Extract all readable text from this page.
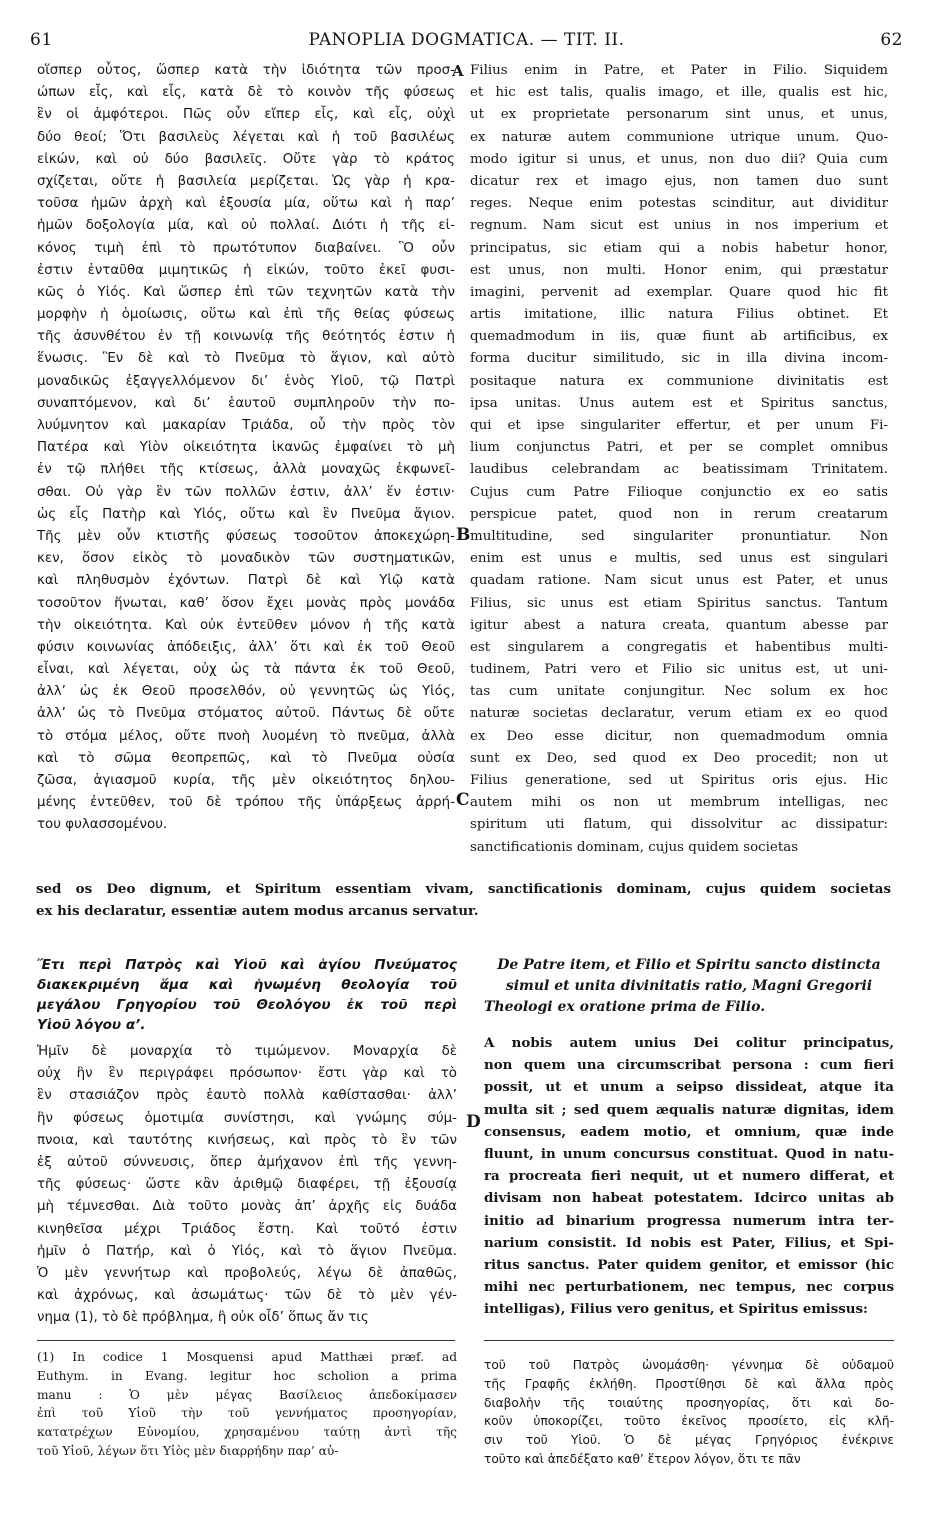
61	PANOPLIA DOGMATICA. — TIT. II.	62
A
B
C
D
οἵσπερ οὗτος, ὥσπερ κατὰ τὴν ἰδιότητα τῶν προσ-
ώπων εἷς, καὶ εἷς, κατὰ δὲ τὸ κοινὸν τῆς φύσεως
ἓν οἱ ἀμφότεροι. Πῶς οὖν εἴπερ εἷς, καὶ εἷς, οὐχὶ
δύο θεοί; Ὅτι βασιλεὺς λέγεται καὶ ἡ τοῦ βασιλέως
εἰκών, καὶ οὐ δύο βασιλεῖς. Οὔτε γὰρ τὸ κράτος
σχίζεται, οὔτε ἡ βασιλεία μερίζεται. Ὡς γὰρ ἡ κρα-
τοῦσα ἡμῶν ἀρχὴ καὶ ἐξουσία μία, οὕτω καὶ ἡ παρ’
ἡμῶν δοξολογία μία, καὶ οὐ πολλαί. Διότι ἡ τῆς εἰ-
κόνος τιμὴ ἐπὶ τὸ πρωτότυπον διαβαίνει. Ὃ οὖν
ἐστιν ἐνταῦθα μιμητικῶς ἡ εἰκών, τοῦτο ἐκεῖ φυσι-
κῶς ὁ Υἱός. Καὶ ὥσπερ ἐπὶ τῶν τεχνητῶν κατὰ τὴν
μορφὴν ἡ ὁμοίωσις, οὕτω καὶ ἐπὶ τῆς θείας φύσεως
τῆς ἀσυνθέτου ἐν τῇ κοινωνίᾳ τῆς θεότητός ἐστιν ἡ
ἕνωσις. Ἓν δὲ καὶ τὸ Πνεῦμα τὸ ἅγιον, καὶ αὐτὸ
μοναδικῶς ἐξαγγελλόμενον δι’ ἑνὸς Υἱοῦ, τῷ Πατρὶ
συναπτόμενον, καὶ δι’ ἑαυτοῦ συμπληροῦν τὴν πο-
λυύμνητον καὶ μακαρίαν Τριάδα, οὗ τὴν πρὸς τὸν
Πατέρα καὶ Υἱὸν οἰκειότητα ἱκανῶς ἐμφαίνει τὸ μὴ
ἐν τῷ πλήθει τῆς κτίσεως, ἀλλὰ μοναχῶς ἐκφωνεῖ-
σθαι. Οὐ γὰρ ἓν τῶν πολλῶν ἐστιν, ἀλλ’ ἕν ἐστιν·
ὡς εἷς Πατὴρ καὶ Υἱός, οὕτω καὶ ἓν Πνεῦμα ἅγιον.
Τῆς μὲν οὖν κτιστῆς φύσεως τοσοῦτον ἀποκεχώρη-
κεν, ὅσον εἰκὸς τὸ μοναδικὸν τῶν συστηματικῶν,
καὶ πληθυσμὸν ἐχόντων. Πατρὶ δὲ καὶ Υἱῷ κατὰ
τοσοῦτον ἥνωται, καθ’ ὅσον ἔχει μονὰς πρὸς μονάδα
τὴν οἰκειότητα. Καὶ οὐκ ἐντεῦθεν μόνον ἡ τῆς κατὰ
φύσιν κοινωνίας ἀπόδειξις, ἀλλ’ ὅτι καὶ ἐκ τοῦ Θεοῦ
εἶναι, καὶ λέγεται, οὐχ ὡς τὰ πάντα ἐκ τοῦ Θεοῦ,
ἀλλ’ ὡς ἐκ Θεοῦ προσελθόν, οὐ γεννητῶς ὡς Υἱός,
ἀλλ’ ὡς τὸ Πνεῦμα στόματος αὐτοῦ. Πάντως δὲ οὔτε
τὸ στόμα μέλος, οὔτε πνοὴ λυομένη τὸ πνεῦμα, ἀλλὰ
καὶ τὸ σῶμα θεοπρεπῶς, καὶ τὸ Πνεῦμα οὐσία
ζῶσα, ἁγιασμοῦ κυρία, τῆς μὲν οἰκειότητος δηλου-
μένης ἐντεῦθεν, τοῦ δὲ τρόπου τῆς ὑπάρξεως ἀρρή-
του φυλασσομένου.
Filius enim in Patre, et Pater in Filio. Siquidem
et hic est talis, qualis imago, et ille, qualis est hic,
ut ex proprietate personarum sint unus, et unus,
ex naturæ autem communione utrique unum. Quo-
modo igitur si unus, et unus, non duo dii? Quia cum
dicatur rex et imago ejus, non tamen duo sunt
reges. Neque enim potestas scinditur, aut dividitur
regnum. Nam sicut est unius in nos imperium et
principatus, sic etiam qui a nobis habetur honor,
est unus, non multi. Honor enim, qui præstatur
imagini, pervenit ad exemplar. Quare quod hic fit
artis imitatione, illic natura Filius obtinet. Et
quemadmodum in iis, quæ fiunt ab artificibus, ex
forma ducitur similitudo, sic in illa divina incom-
positaque natura ex communione divinitatis est
ipsa unitas. Unus autem est et Spiritus sanctus,
qui et ipse singulariter effertur, et per unum Fi-
lium conjunctus Patri, et per se complet omnibus
laudibus celebrandam ac beatissimam Trinitatem.
Cujus cum Patre Filioque conjunctio ex eo satis
perspicue patet, quod non in rerum creatarum
multitudine, sed singulariter pronuntiatur. Non
enim est unus e multis, sed unus est singulari
quadam ratione. Nam sicut unus est Pater, et unus
Filius, sic unus est etiam Spiritus sanctus. Tantum
igitur abest a natura creata, quantum abesse par
est singularem a congregatis et habentibus multi-
tudinem, Patri vero et Filio sic unitus est, ut uni-
tas cum unitate conjungitur. Nec solum ex hoc
naturæ societas declaratur, verum etiam ex eo quod
ex Deo esse dicitur, non quemadmodum omnia
sunt ex Deo, sed quod ex Deo procedit; non ut
Filius generatione, sed ut Spiritus oris ejus. Hic
autem mihi os non ut membrum intelligas, nec
spiritum uti flatum, qui dissolvitur ac dissipatur:
sanctificationis dominam, cujus quidem societas
sed os Deo dignum, et Spiritum essentiam vivam, sanctificationis dominam, cujus quidem societas
ex his declaratur, essentiæ autem modus arcanus servatur.
Ἔτι περὶ Πατρὸς καὶ Υἱοῦ καὶ ἁγίου Πνεύματος
διακεκριμένη ἅμα καὶ ἡνωμένη θεολογία τοῦ
μεγάλου Γρηγορίου τοῦ Θεολόγου ἐκ τοῦ περὶ
Υἱοῦ λόγου α’.
Ἡμῖν δὲ μοναρχία τὸ τιμώμενον. Μοναρχία δὲ
οὐχ ἣν ἓν περιγράφει πρόσωπον· ἔστι γὰρ καὶ τὸ
ἓν στασιάζον πρὸς ἑαυτὸ πολλὰ καθίστασθαι· ἀλλ’
ἣν φύσεως ὁμοτιμία συνίστησι, καὶ γνώμης σύμ-
πνοια, καὶ ταυτότης κινήσεως, καὶ πρὸς τὸ ἓν τῶν
ἐξ αὐτοῦ σύννευσις, ὅπερ ἀμήχανον ἐπὶ τῆς γεννη-
τῆς φύσεως· ὥστε κἂν ἀριθμῷ διαφέρει, τῇ ἐξουσίᾳ
μὴ τέμνεσθαι. Διὰ τοῦτο μονὰς ἀπ’ ἀρχῆς εἰς δυάδα
κινηθεῖσα μέχρι Τριάδος ἔστη. Καὶ τοῦτό ἐστιν
ἡμῖν ὁ Πατήρ, καὶ ὁ Υἱός, καὶ τὸ ἅγιον Πνεῦμα.
Ὁ μὲν γεννήτωρ καὶ προβολεύς, λέγω δὲ ἀπαθῶς,
καὶ ἀχρόνως, καὶ ἀσωμάτως· τῶν δὲ τὸ μὲν γέν-
νημα (1), τὸ δὲ πρόβλημα, ἢ οὐκ οἶδ’ ὅπως ἄν τις
De Patre item, et Filio et Spiritu sancto distincta
simul et unita divinitatis ratio, Magni Gregorii
Theologi ex oratione prima de Filio.
A nobis autem unius Dei colitur principatus,
non quem una circumscribat persona : cum fieri
possit, ut et unum a seipso dissideat, atque ita
multa sit ; sed quem æqualis naturæ dignitas, idem
consensus, eadem motio, et omnium, quæ inde
fluunt, in unum concursus constituat. Quod in natu-
ra procreata fieri nequit, ut et numero differat, et
divisam non habeat potestatem. Idcirco unitas ab
initio ad binarium progressa numerum intra ter-
narium consistit. Id nobis est Pater, Filius, et Spi-
ritus sanctus. Pater quidem genitor, et emissor (hic
mihi nec perturbationem, nec tempus, nec corpus
intelligas), Filius vero genitus, et Spiritus emissus:
(1) In codice 1 Mosquensi apud Matthæi præf. ad
Euthym. in Evang. legitur hoc scholion a prima
manu : Ὁ μὲν μέγας Βασίλειος ἀπεδοκίμασεν
ἐπὶ τοῦ Υἱοῦ τὴν τοῦ γεννήματος προσηγορίαν,
κατατρέχων Εὐνομίου, χρησαμένου ταύτῃ ἀντὶ τῆς
τοῦ Υἱοῦ, λέγων ὅτι Υἱὸς μὲν διαρρήδην παρ’ αὐ-
τοῦ τοῦ Πατρὸς ὠνομάσθη· γέννημα δὲ οὐδαμοῦ
τῆς Γραφῆς ἐκλήθη. Προστίθησι δὲ καὶ ἄλλα πρὸς
διαβολὴν τῆς τοιαύτης προσηγορίας, ὅτι καὶ δο-
κοῦν ὑποκορίζει, τοῦτο ἐκεῖνος προσίετο, εἰς κλῆ-
σιν τοῦ Υἱοῦ. Ὁ δὲ μέγας Γρηγόριος ἐνέκρινε
τοῦτο καὶ ἀπεδέξατο καθ’ ἕτερον λόγον, ὅτι τε πᾶν
